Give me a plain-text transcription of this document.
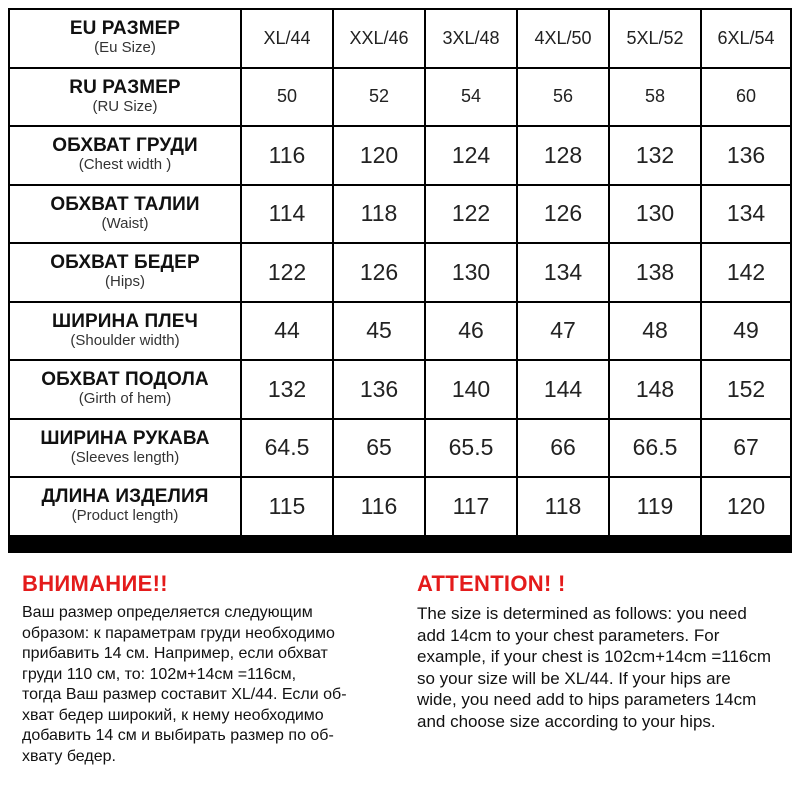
EU РАЗМЕР
(Eu Size)	XL/44	XXL/46	3XL/48	4XL/50	5XL/52	6XL/54
RU РАЗМЕР
(RU Size)	50	52	54	56	58	60
ОБХВАТ ГРУДИ
(Chest width )	116	120	124	128	132	136
ОБХВАТ ТАЛИИ
(Waist)	114	118	122	126	130	134
ОБХВАТ БЕДЕР
(Hips)	122	126	130	134	138	142
ШИРИНА ПЛЕЧ
(Shoulder width)	44	45	46	47	48	49
ОБХВАТ ПОДОЛА
(Girth of hem)	132	136	140	144	148	152
ШИРИНА РУКАВА
(Sleeves length)	64.5	65	65.5	66	66.5	67
ДЛИНА ИЗДЕЛИЯ
(Product length)	115	116	117	118	119	120
ВНИМАНИЕ!!
Ваш размер определяется следующим
образом: к параметрам груди необходимо
прибавить 14 см. Например, если обхват
груди 110 см, то: 102м+14см =116см,
тогда Ваш размер составит XL/44. Если об-
хват бедер широкий, к нему необходимо
добавить 14 см и выбирать размер по об-
хвату бедер.
ATTENTION! !
The size is determined as follows: you need
add 14cm to your chest parameters. For
example, if your chest is 102cm+14cm =116cm
so your size will be XL/44. If your hips are
wide, you need add to hips parameters 14cm
and choose size according to your hips.
